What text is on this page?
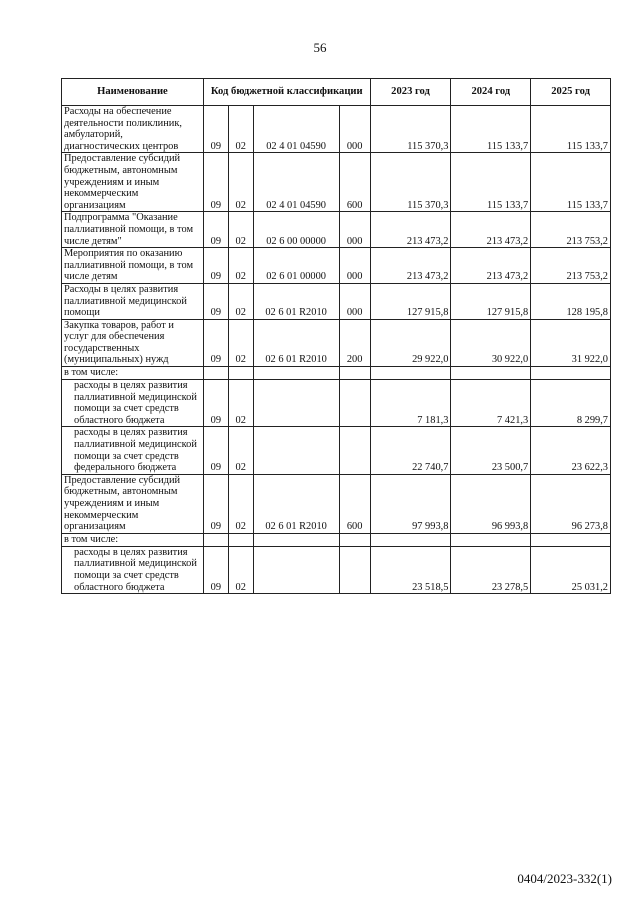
56
Наименование	Код бюджетной классификации				2023 год	2024 год	2025 год

Расходы на обеспечение деятельности поликлиник, амбулаторий, диагностических центров	09	02	02 4 01 04590	000	115 370,3	115 133,7	115 133,7

Предоставление субсидий бюджетным, автономным учреждениям и иным некоммерческим организациям	09	02	02 4 01 04590	600	115 370,3	115 133,7	115 133,7

Подпрограмма "Оказание паллиативной помощи, в том числе детям"	09	02	02 6 00 00000	000	213 473,2	213 473,2	213 753,2

Мероприятия по оказанию паллиативной помощи, в том числе детям	09	02	02 6 01 00000	000	213 473,2	213 473,2	213 753,2

Расходы в целях развития паллиативной медицинской помощи	09	02	02 6 01 R2010	000	127 915,8	127 915,8	128 195,8

Закупка товаров, работ и услуг для обеспечения государственных (муниципальных) нужд	09	02	02 6 01 R2010	200	29 922,0	30 922,0	31 922,0

в том числе:							

расходы в целях развития паллиативной медицинской помощи за счет средств областного бюджета	09	02			7 181,3	7 421,3	8 299,7

расходы в целях развития паллиативной медицинской помощи за счет средств федерального бюджета	09	02			22 740,7	23 500,7	23 622,3

Предоставление субсидий бюджетным, автономным учреждениям и иным некоммерческим организациям	09	02	02 6 01 R2010	600	97 993,8	96 993,8	96 273,8

в том числе:							

расходы в целях развития паллиативной медицинской помощи за счет средств областного бюджета	09	02			23 518,5	23 278,5	25 031,2
0404/2023-332(1)
